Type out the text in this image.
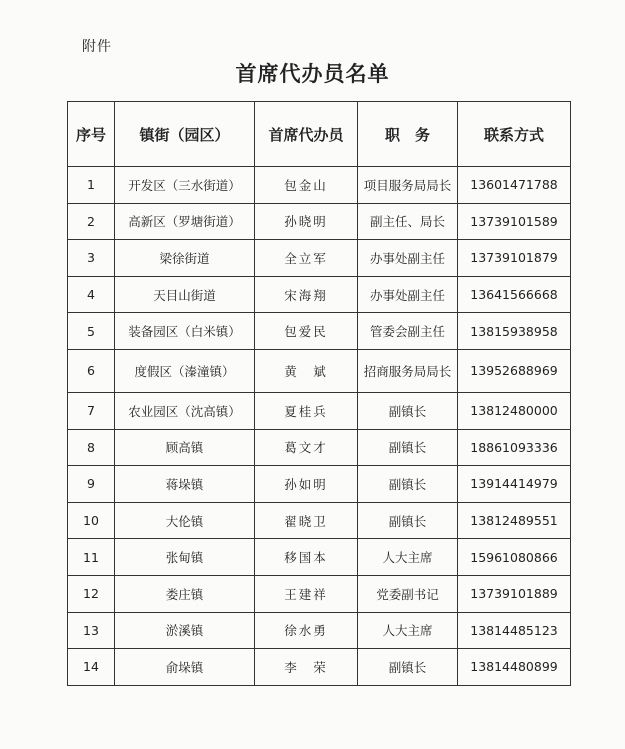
附件
首席代办员名单
序号	镇街（园区）	首席代办员	职　务	联系方式
1	开发区（三水街道）	包金山	项目服务局局长	13601471788
2	高新区（罗塘街道）	孙晓明	副主任、局长	13739101589
3	梁徐街道	全立军	办事处副主任	13739101879
4	天目山街道	宋海翔	办事处副主任	13641566668
5	装备园区（白米镇）	包爱民	管委会副主任	13815938958
6	度假区（溱潼镇）	黄　斌	招商服务局局长	13952688969
7	农业园区（沈高镇）	夏桂兵	副镇长	13812480000
8	顾高镇	葛文才	副镇长	18861093336
9	蒋垛镇	孙如明	副镇长	13914414979
10	大伦镇	翟晓卫	副镇长	13812489551
11	张甸镇	移国本	人大主席	15961080866
12	娄庄镇	王建祥	党委副书记	13739101889
13	淤溪镇	徐水勇	人大主席	13814485123
14	俞垛镇	李　荣	副镇长	13814480899
